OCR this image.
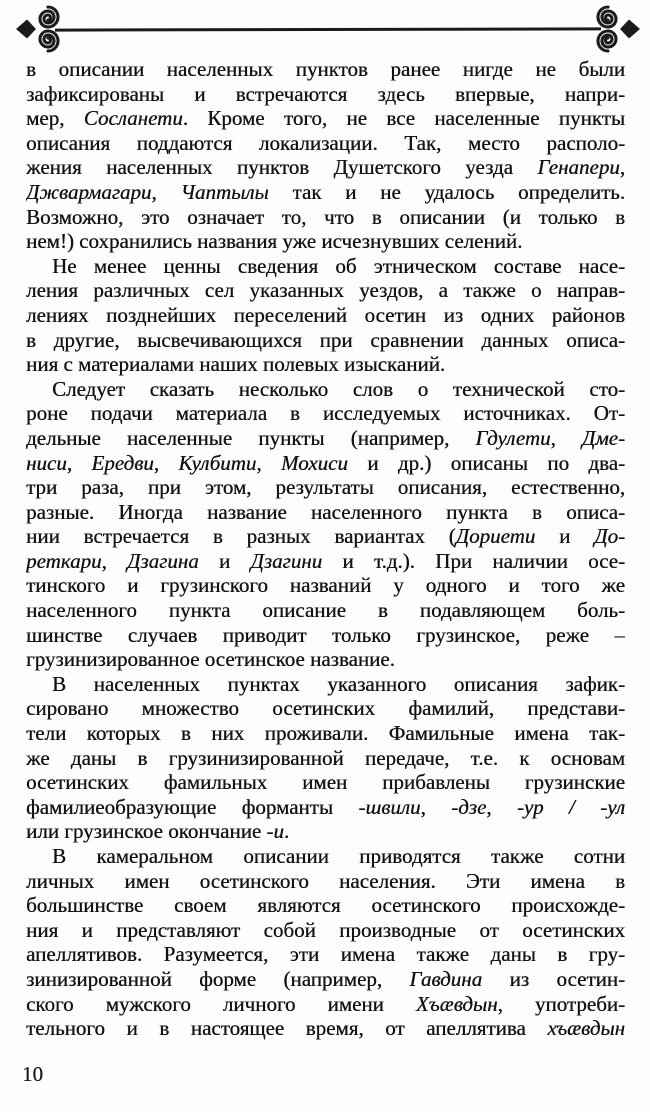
в описании населенных пунктов ранее нигде не были
зафиксированы и встречаются здесь впервые, напри-
мер, Сосланети. Кроме того, не все населенные пункты
описания поддаются локализации. Так, место располо-
жения населенных пунктов Душетского уезда Генапери,
Джвармагари, Чаптылы так и не удалось определить.
Возможно, это означает то, что в описании (и только в
нем!) сохранились названия уже исчезнувших селений.
Не менее ценны сведения об этническом составе насе-
ления различных сел указанных уездов, а также о направ-
лениях позднейших переселений осетин из одних районов
в другие, высвечивающихся при сравнении данных описа-
ния с материалами наших полевых изысканий.
Следует сказать несколько слов о технической сто-
роне подачи материала в исследуемых источниках. От-
дельные населенные пункты (например, Гдулети, Дме-
ниси, Ередви, Кулбити, Мохиси и др.) описаны по два-
три раза, при этом, результаты описания, естественно,
разные. Иногда название населенного пункта в описа-
нии встречается в разных вариантах (Дориети и До-
реткари, Дзагина и Дзагини и т.д.). При наличии осе-
тинского и грузинского названий у одного и того же
населенного пункта описание в подавляющем боль-
шинстве случаев приводит только грузинское, реже –
грузинизированное осетинское название.
В населенных пунктах указанного описания зафик-
сировано множество осетинских фамилий, представи-
тели которых в них проживали. Фамильные имена так-
же даны в грузинизированной передаче, т.е. к основам
осетинских фамильных имен прибавлены грузинские
фамилиеобразующие форманты -швили, -дзе, -ур / -ул
или грузинское окончание -и.
В камеральном описании приводятся также сотни
личных имен осетинского населения. Эти имена в
большинстве своем являются осетинского происхожде-
ния и представляют собой производные от осетинских
апеллятивов. Разумеется, эти имена также даны в гру-
зинизированной форме (например, Гавдина из осетин-
ского мужского личного имени Хъæвдын, употреби-
тельного и в настоящее время, от апеллятива хъæвдын
10
